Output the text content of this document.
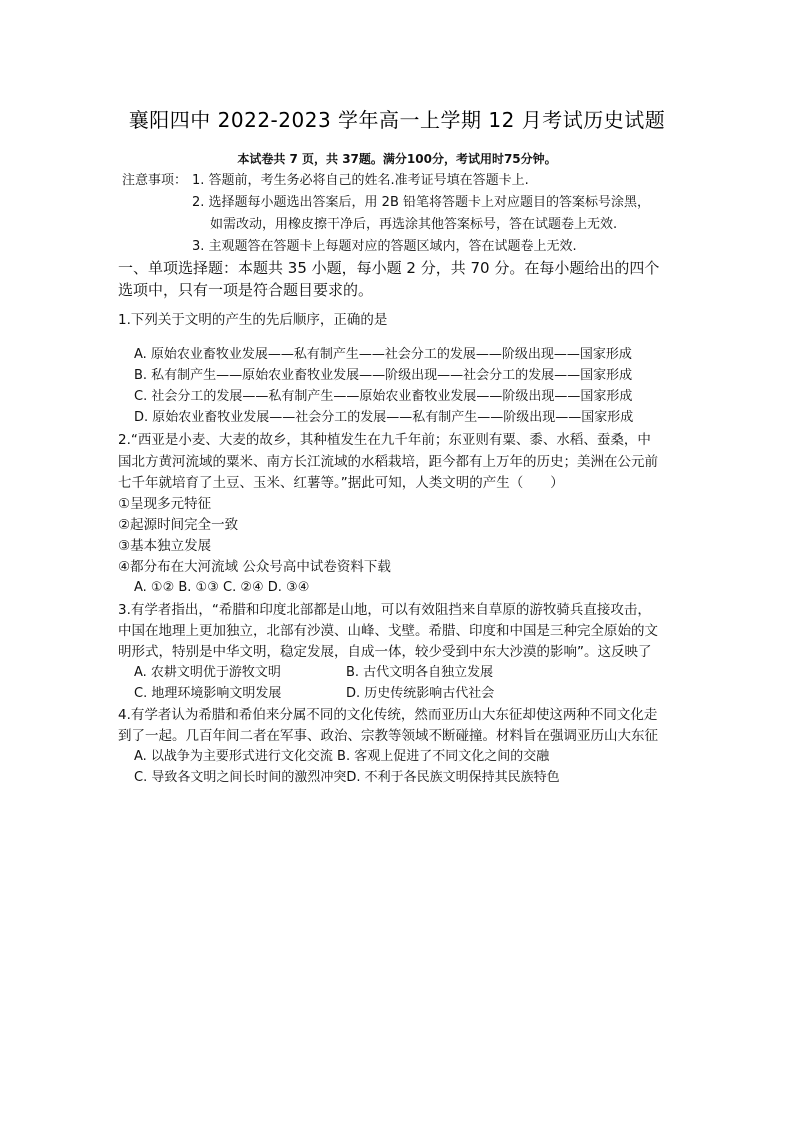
襄阳四中 2022-2023 学年高一上学期 12 月考试历史试题
本试卷共 7 页，共 37题。满分100分，考试用时75分钟。
注意事项： 1. 答题前，考生务必将自己的姓名.准考证号填在答题卡上.
2. 选择题每小题选出答案后，用 2B 铅笔将答题卡上对应题目的答案标号涂黑，
如需改动，用橡皮擦干净后，再选涂其他答案标号，答在试题卷上无效.
3. 主观题答在答题卡上每题对应的答题区域内，答在试题卷上无效.
一、单项选择题：本题共 35 小题，每小题 2 分，共 70 分。在每小题给出的四个
选项中，只有一项是符合题目要求的。
1.下列关于文明的产生的先后顺序，正确的是
A. 原始农业畜牧业发展——私有制产生——社会分工的发展——阶级出现——国家形成
B. 私有制产生——原始农业畜牧业发展——阶级出现——社会分工的发展——国家形成
C. 社会分工的发展——私有制产生——原始农业畜牧业发展——阶级出现——国家形成
D. 原始农业畜牧业发展——社会分工的发展——私有制产生——阶级出现——国家形成
2.“西亚是小麦、大麦的故乡，其种植发生在九千年前；东亚则有粟、黍、水稻、蚕桑，中
国北方黄河流域的粟米、南方长江流域的水稻栽培，距今都有上万年的历史；美洲在公元前
七千年就培育了土豆、玉米、红薯等。”据此可知，人类文明的产生（　　）
①呈现多元特征
②起源时间完全一致
③基本独立发展
④都分布在大河流域 公众号高中试卷资料下载
A. ①② B. ①③ C. ②④ D. ③④
3.有学者指出，“希腊和印度北部都是山地，可以有效阻挡来自草原的游牧骑兵直接攻击，
中国在地理上更加独立，北部有沙漠、山峰、戈壁。希腊、印度和中国是三种完全原始的文
明形式，特别是中华文明，稳定发展，自成一体，较少受到中东大沙漠的影响”。这反映了
A. 农耕文明优于游牧文明	B. 古代文明各自独立发展
C. 地理环境影响文明发展	D. 历史传统影响古代社会
4.有学者认为希腊和希伯来分属不同的文化传统，然而亚历山大东征却使这两种不同文化走
到了一起。几百年间二者在军事、政治、宗教等领域不断碰撞。材料旨在强调亚历山大东征
A. 以战争为主要形式进行文化交流 B. 客观上促进了不同文化之间的交融
C. 导致各文明之间长时间的激烈冲突D. 不利于各民族文明保持其民族特色
